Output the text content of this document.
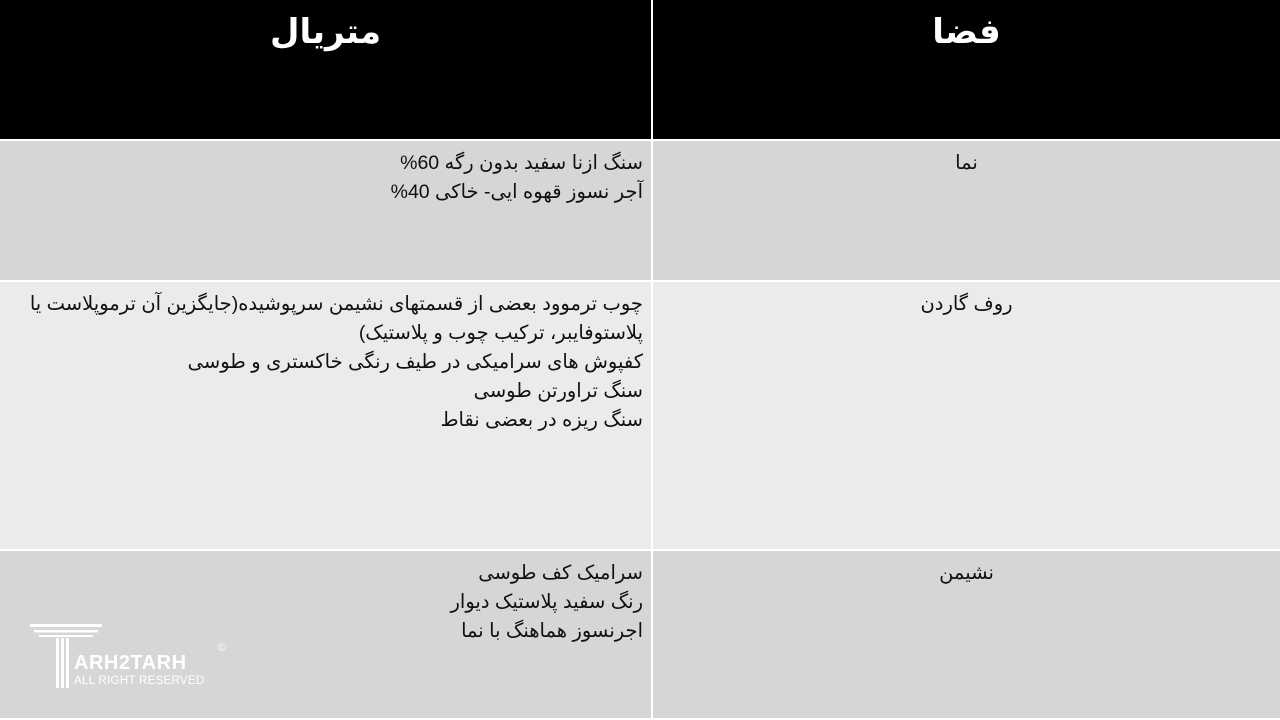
متریال	فضا
سنگ ازنا سفید بدون رگه 60%
آجر نسوز قهوه ایی- خاکی 40%
نما
چوب ترموود بعضی از قسمتهای نشیمن سرپوشیده(جایگزین آن ترموپلاست یا
پلاستوفایبر، ترکیب چوب و پلاستیک)
کفپوش های سرامیکی در طیف رنگی خاکستری و طوسی
سنگ تراورتن طوسی
سنگ ریزه در بعضی نقاط
روف گاردن
سرامیک کف طوسی
رنگ سفید پلاستیک دیوار
اجرنسوز هماهنگ با نما
نشیمن
ARH2TARH
ALL RIGHT RESERVED
©
